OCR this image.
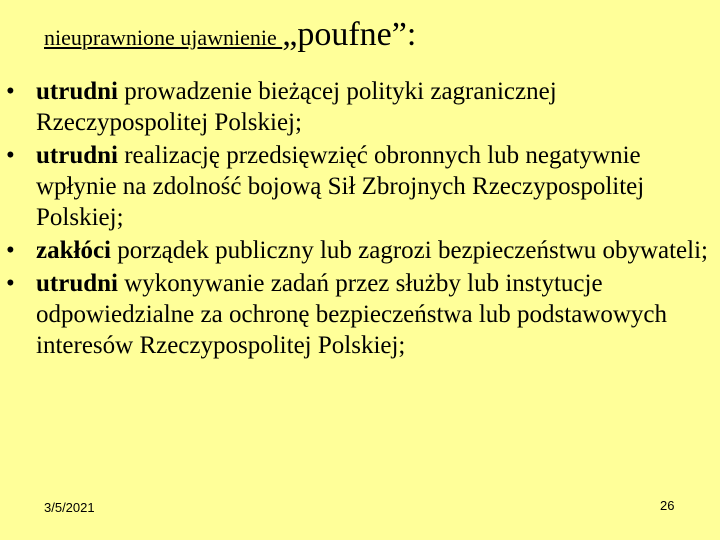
nieuprawnione ujawnienie „poufne”:
• utrudni prowadzenie bieżącej polityki zagranicznej Rzeczypospolitej Polskiej;
• utrudni realizację przedsięwzięć obronnych lub negatywnie wpłynie na zdolność bojową Sił Zbrojnych Rzeczypospolitej Polskiej;
• zakłóci porządek publiczny lub zagrozi bezpieczeństwu obywateli;
• utrudni wykonywanie zadań przez służby lub instytucje odpowiedzialne za ochronę bezpieczeństwa lub podstawowych interesów Rzeczypospolitej Polskiej;
3/5/2021	26
